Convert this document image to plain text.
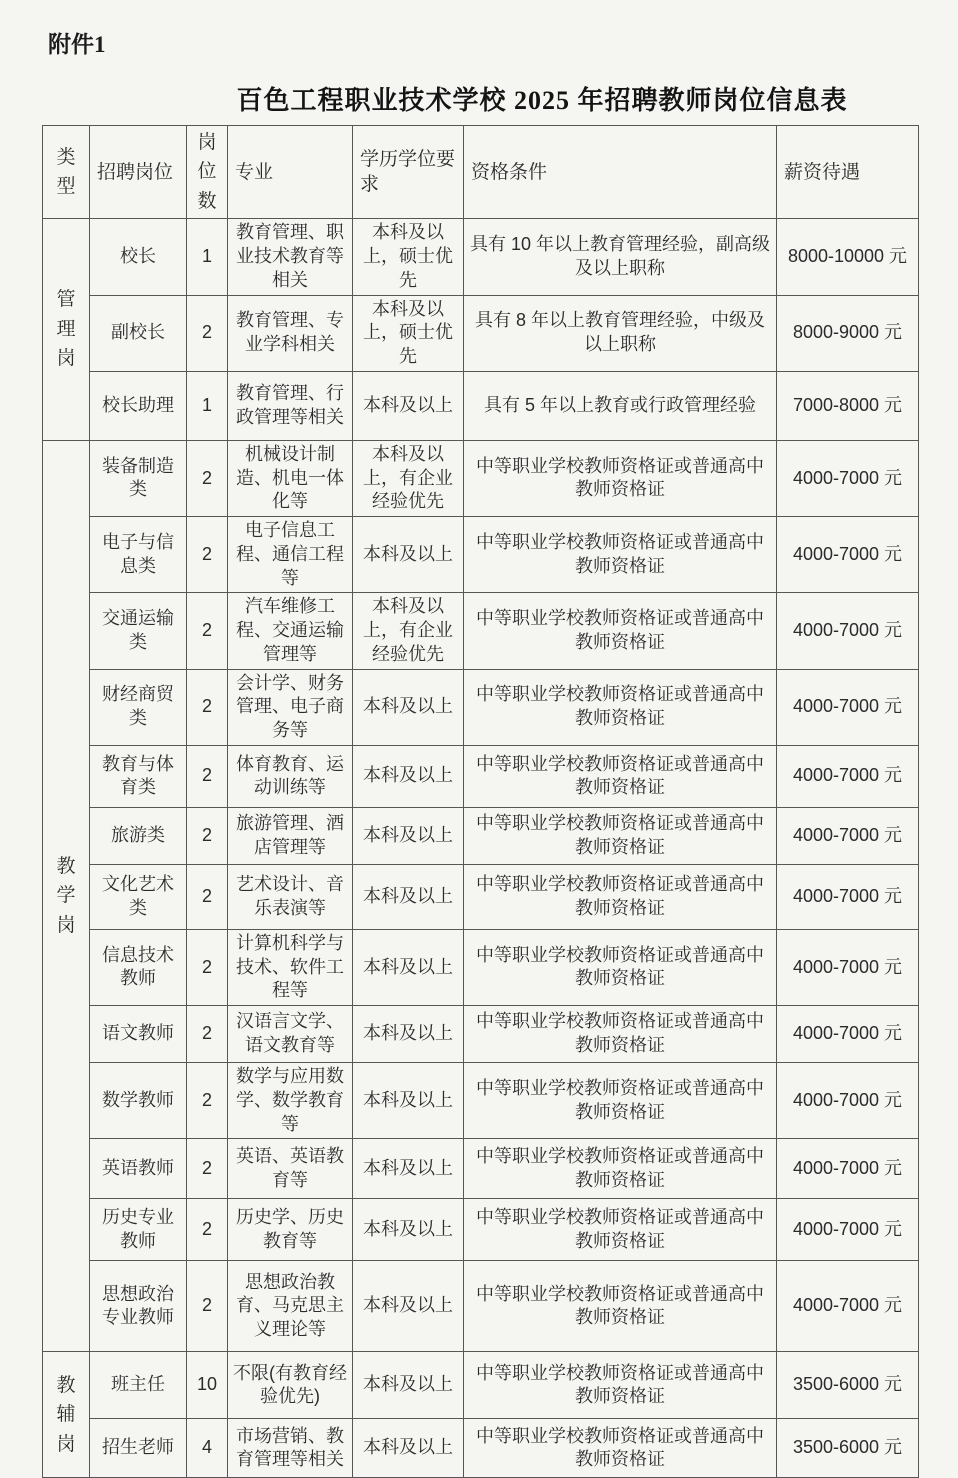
附件1
百色工程职业技术学校 2025 年招聘教师岗位信息表
类型	招聘岗位	岗位数	专业	学历学位要求	资格条件	薪资待遇

管理岗	校长	1	教育管理、职业技术教育等相关	本科及以上，硕士优先	具有 10 年以上教育管理经验，副高级及以上职称	8000-10000 元
	副校长	2	教育管理、专业学科相关	本科及以上，硕士优先	具有 8 年以上教育管理经验，中级及以上职称	8000-9000 元
	校长助理	1	教育管理、行政管理等相关	本科及以上	具有 5 年以上教育或行政管理经验	7000-8000 元

教学岗	装备制造类	2	机械设计制造、机电一体化等	本科及以上，有企业经验优先	中等职业学校教师资格证或普通高中教师资格证	4000-7000 元
	电子与信息类	2	电子信息工程、通信工程等	本科及以上	中等职业学校教师资格证或普通高中教师资格证	4000-7000 元
	交通运输类	2	汽车维修工程、交通运输管理等	本科及以上，有企业经验优先	中等职业学校教师资格证或普通高中教师资格证	4000-7000 元
	财经商贸类	2	会计学、财务管理、电子商务等	本科及以上	中等职业学校教师资格证或普通高中教师资格证	4000-7000 元
	教育与体育类	2	体育教育、运动训练等	本科及以上	中等职业学校教师资格证或普通高中教师资格证	4000-7000 元
	旅游类	2	旅游管理、酒店管理等	本科及以上	中等职业学校教师资格证或普通高中教师资格证	4000-7000 元
	文化艺术类	2	艺术设计、音乐表演等	本科及以上	中等职业学校教师资格证或普通高中教师资格证	4000-7000 元
	信息技术教师	2	计算机科学与技术、软件工程等	本科及以上	中等职业学校教师资格证或普通高中教师资格证	4000-7000 元
	语文教师	2	汉语言文学、语文教育等	本科及以上	中等职业学校教师资格证或普通高中教师资格证	4000-7000 元
	数学教师	2	数学与应用数学、数学教育等	本科及以上	中等职业学校教师资格证或普通高中教师资格证	4000-7000 元
	英语教师	2	英语、英语教育等	本科及以上	中等职业学校教师资格证或普通高中教师资格证	4000-7000 元
	历史专业教师	2	历史学、历史教育等	本科及以上	中等职业学校教师资格证或普通高中教师资格证	4000-7000 元
	思想政治专业教师	2	思想政治教育、马克思主义理论等	本科及以上	中等职业学校教师资格证或普通高中教师资格证	4000-7000 元

教辅岗	班主任	10	不限(有教育经验优先)	本科及以上	中等职业学校教师资格证或普通高中教师资格证	3500-6000 元
	招生老师	4	市场营销、教育管理等相关	本科及以上	中等职业学校教师资格证或普通高中教师资格证	3500-6000 元
